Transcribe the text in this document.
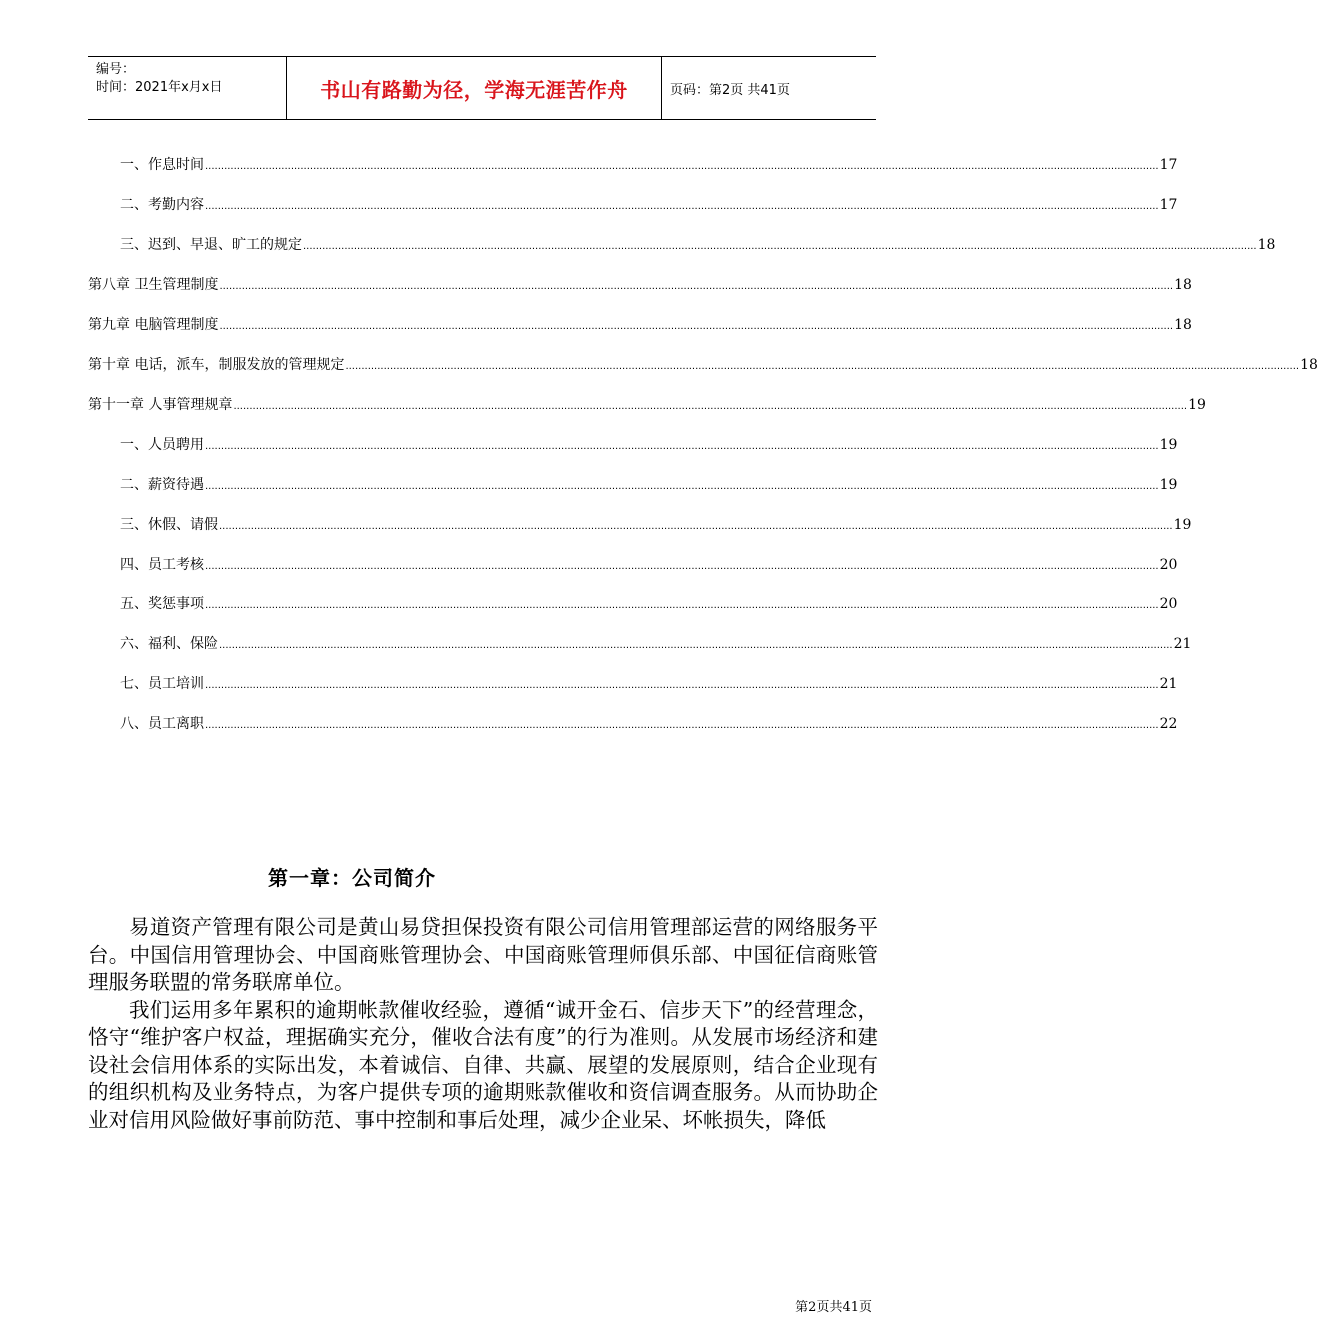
编号：
时间：2021年x月x日	书山有路勤为径，学海无涯苦作舟	页码：第2页 共41页
一、作息时间 ............................................................................................................................................................................................................................................................................................................ 17
二、考勤内容 ............................................................................................................................................................................................................................................................................................................ 17
三、迟到、早退、旷工的规定 ............................................................................................................................................................................................................................................................................................................ 18
第八章 卫生管理制度 ............................................................................................................................................................................................................................................................................................................ 18
第九章 电脑管理制度 ............................................................................................................................................................................................................................................................................................................ 18
第十章 电话，派车，制服发放的管理规定 ............................................................................................................................................................................................................................................................................................................ 18
第十一章 人事管理规章 ............................................................................................................................................................................................................................................................................................................ 19
一、人员聘用 ............................................................................................................................................................................................................................................................................................................ 19
二、薪资待遇 ............................................................................................................................................................................................................................................................................................................ 19
三、休假、请假 ............................................................................................................................................................................................................................................................................................................ 19
四、员工考核 ............................................................................................................................................................................................................................................................................................................ 20
五、奖惩事项 ............................................................................................................................................................................................................................................................................................................ 20
六、福利、保险 ............................................................................................................................................................................................................................................................................................................ 21
七、员工培训 ............................................................................................................................................................................................................................................................................................................ 21
八、员工离职 ............................................................................................................................................................................................................................................................................................................ 22
第一章：公司简介

易道资产管理有限公司是黄山易贷担保投资有限公司信用管理部运营的网络服务平台。中国信用管理协会、中国商账管理协会、中国商账管理师俱乐部、中国征信商账管理服务联盟的常务联席单位。

我们运用多年累积的逾期帐款催收经验，遵循“诚开金石、信步天下”的经营理念，恪守“维护客户权益，理据确实充分，催收合法有度”的行为准则。从发展市场经济和建设社会信用体系的实际出发，本着诚信、自律、共赢、展望的发展原则，结合企业现有的组织机构及业务特点，为客户提供专项的逾期账款催收和资信调查服务。从而协助企业对信用风险做好事前防范、事中控制和事后处理，减少企业呆、坏帐损失，降低

第2页共41页
